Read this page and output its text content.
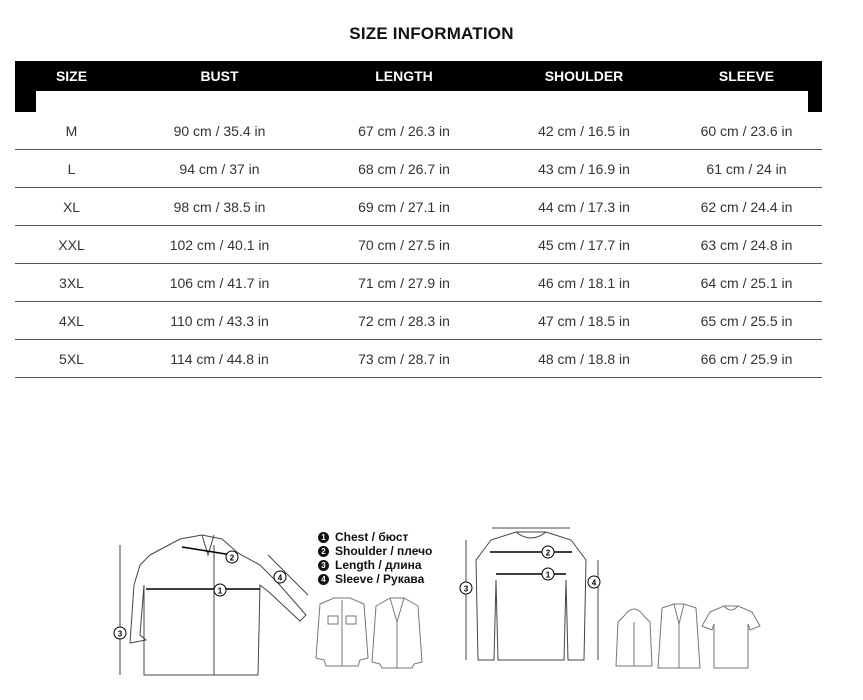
SIZE INFORMATION
SIZE	BUST	LENGTH	SHOULDER	SLEEVE
M	90 cm / 35.4 in	67 cm / 26.3 in	42 cm / 16.5 in	60 cm / 23.6 in
L	94 cm / 37 in	68 cm / 26.7 in	43 cm / 16.9 in	61 cm / 24 in
XL	98 cm / 38.5 in	69 cm / 27.1 in	44 cm / 17.3 in	62 cm / 24.4 in
XXL	102 cm / 40.1 in	70 cm / 27.5 in	45 cm / 17.7 in	63 cm / 24.8 in
3XL	106 cm / 41.7 in	71 cm / 27.9 in	46 cm / 18.1 in	64 cm / 25.1 in
4XL	110 cm / 43.3 in	72 cm / 28.3 in	47 cm / 18.5 in	65 cm / 25.5 in
5XL	114 cm / 44.8 in	73 cm / 28.7 in	48 cm / 18.8 in	66 cm / 25.9 in
1
2
3
4
1 Chest / бюст
2 Shoulder / плечо
3 Length / длина
4 Sleeve / Рукава
2
1
3
4
